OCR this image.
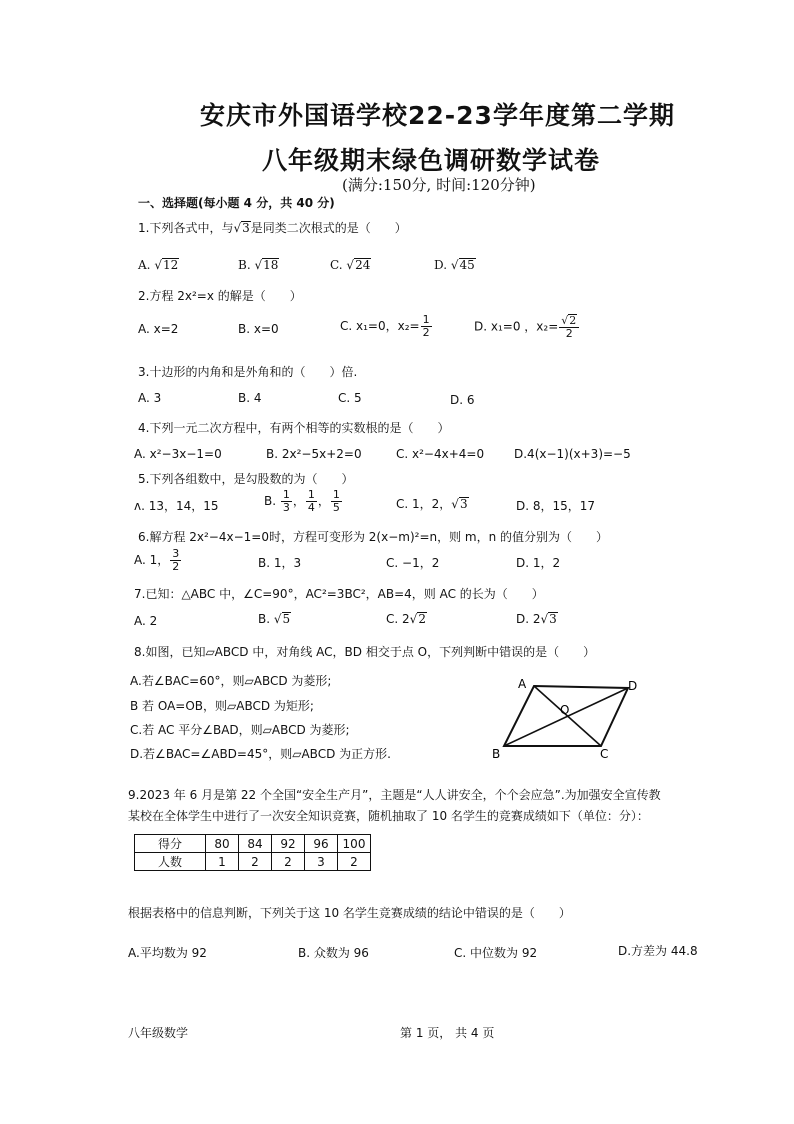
安庆市外国语学校22-23学年度第二学期
八年级期末绿色调研数学试卷
(满分:150分, 时间:120分钟)
一、选择题(每小题 4 分，共 40 分)
1.下列各式中，与√3是同类二次根式的是（　　）
A. √12	B. √18	C. √24	D. √45
2.方程 2x²=x 的解是（　　）
A. x=2	B. x=0	C. x₁=0，$x_2= \frac{1}{2}$	D. x₁=0 ，$x_2= \frac{√2}{2}$
3.十边形的内角和是外角和的（　　）倍.
A. 3	B. 4	C. 5	D. 6
4.下列一元二次方程中，有两个相等的实数根的是（　　）
A. x²−3x−1=0	B. 2x²−5x+2=0	C. x²−4x+4=0 D.4(x−1)(x+3)=−5
5.下列各组数中，是勾股数的为（　　）
ʌ. 13，14，15	B. $\frac{1}{3}$ ， $\frac{1}{4}$ ， $\frac{1}{5}$	C. 1，2，√3	D. 8，15，17
6.解方程 2x²−4x−1=0时，方程可变形为 2(x−m)²=n，则 m，n 的值分别为（　　）
A. 1， $\frac{3}{2}$	B. 1，3	C. −1，2	D. 1，2
7.已知：△ABC 中，∠C=90°，AC²=3BC²，AB=4，则 AC 的长为（　　）
A. 2	B. √5	C. 2√2	D. 2√3
8.如图，已知▱ABCD 中，对角线 AC，BD 相交于点 O，下列判断中错误的是（　　）
A.若∠BAC=60°，则▱ABCD 为菱形;
B 若 OA=OB，则▱ABCD 为矩形;
C.若 AC 平分∠BAD，则▱ABCD 为菱形;
D.若∠BAC=∠ABD=45°，则▱ABCD 为正方形.
A	D
B	C
O
9.2023 年 6 月是第 22 个全国“安全生产月”，主题是“人人讲安全，个个会应急”.为加强安全宣传教
某校在全体学生中进行了一次安全知识竞赛，随机抽取了 10 名学生的竞赛成绩如下（单位：分）：
得分	80	84	92	96	100
人数	1	2	2	3	2
根据表格中的信息判断，下列关于这 10 名学生竞赛成绩的结论中错误的是（　　）
A.平均数为 92	B. 众数为 96	C. 中位数为 92	D.方差为 44.8
八年级数学	第 1 页， 共 4 页
